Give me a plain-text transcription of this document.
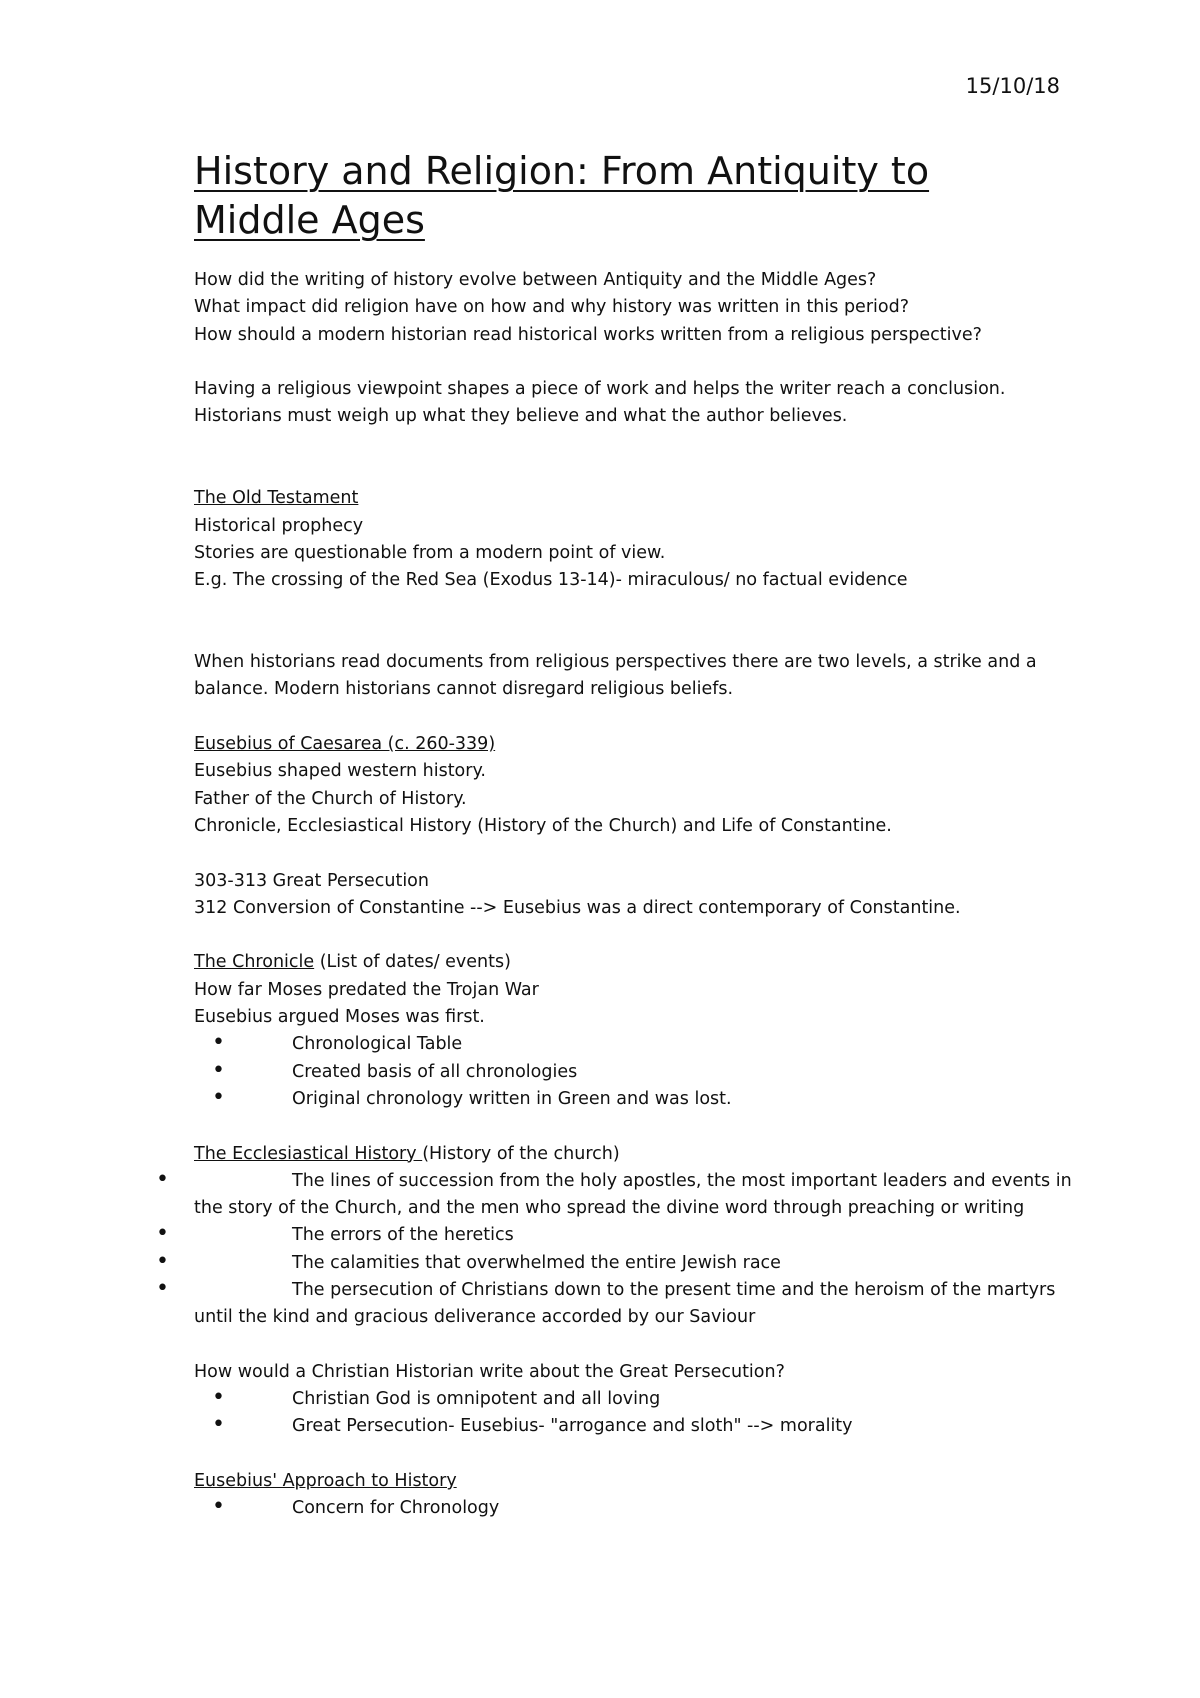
15/10/18
History and Religion: From Antiquity to Middle Ages

How did the writing of history evolve between Antiquity and the Middle Ages?

What impact did religion have on how and why history was written in this period?

How should a modern historian read historical works written from a religious perspective?

Having a religious viewpoint shapes a piece of work and helps the writer reach a conclusion.

Historians must weigh up what they believe and what the author believes.

The Old Testament

Historical prophecy

Stories are questionable from a modern point of view.

E.g. The crossing of the Red Sea (Exodus 13-14)- miraculous/ no factual evidence

When historians read documents from religious perspectives there are two levels, a strike and a balance. Modern historians cannot disregard religious beliefs.

Eusebius of Caesarea (c. 260-339)

Eusebius shaped western history.

Father of the Church of History.

Chronicle, Ecclesiastical History (History of the Church) and Life of Constantine.

303-313 Great Persecution

312 Conversion of Constantine --> Eusebius was a direct contemporary of Constantine.

The Chronicle (List of dates/ events)

How far Moses predated the Trojan War

Eusebius argued Moses was first.

• Chronological Table
• Created basis of all chronologies
• Original chronology written in Green and was lost.

The Ecclesiastical History (History of the church)

• The lines of succession from the holy apostles, the most important leaders and events in the story of the Church, and the men who spread the divine word through preaching or writing
• The errors of the heretics
• The calamities that overwhelmed the entire Jewish race
• The persecution of Christians down to the present time and the heroism of the martyrs until the kind and gracious deliverance accorded by our Saviour

How would a Christian Historian write about the Great Persecution?

• Christian God is omnipotent and all loving
• Great Persecution- Eusebius- "arrogance and sloth" --> morality

Eusebius' Approach to History

• Concern for Chronology
